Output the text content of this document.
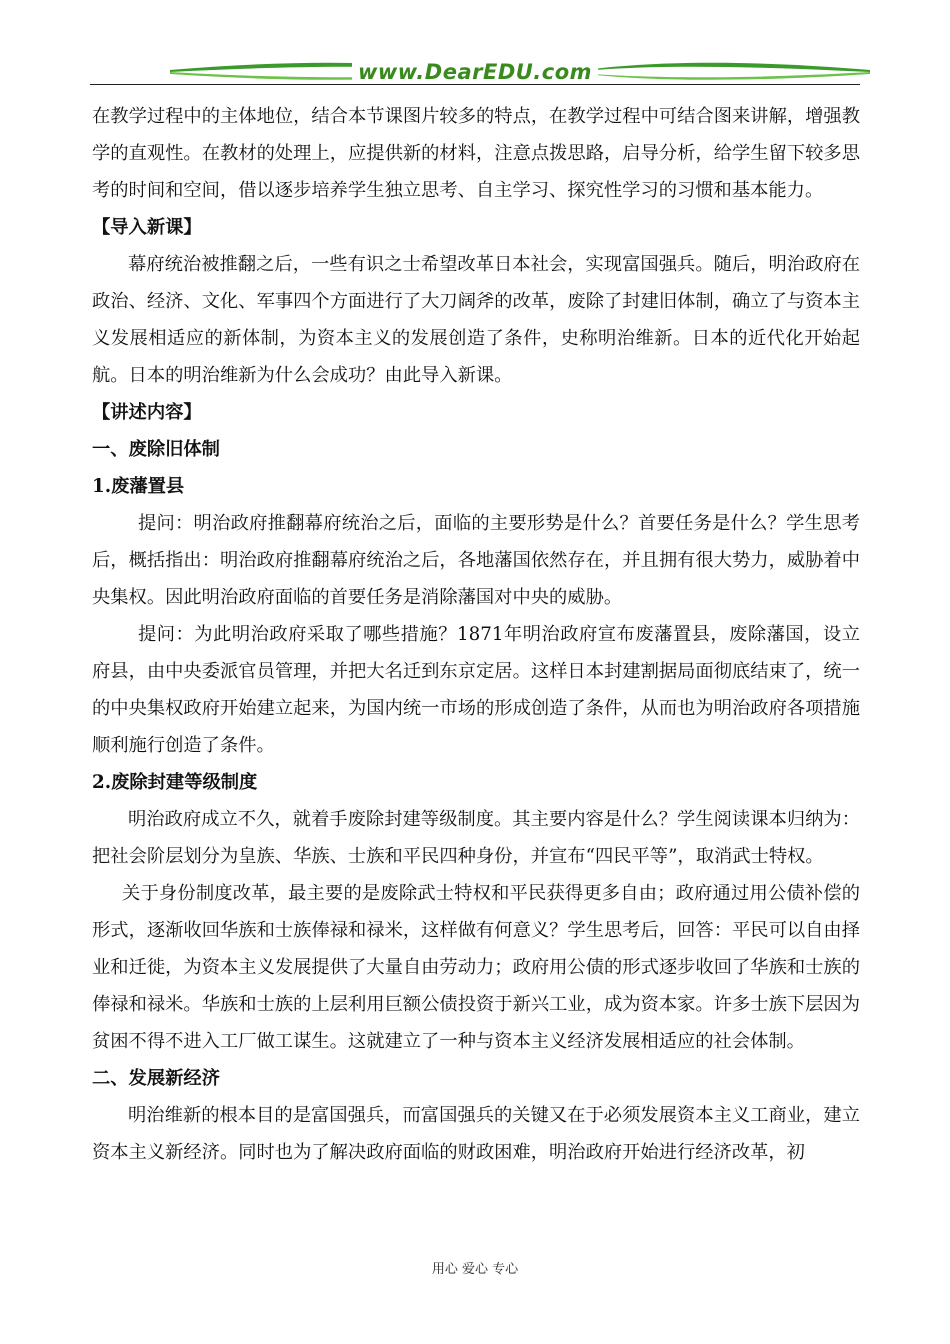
www.DearEDU.com

在教学过程中的主体地位，结合本节课图片较多的特点，在教学过程中可结合图来讲解，增强教学的直观性。在教材的处理上，应提供新的材料，注意点拨思路，启导分析，给学生留下较多思考的时间和空间，借以逐步培养学生独立思考、自主学习、探究性学习的习惯和基本能力。

【导入新课】

幕府统治被推翻之后，一些有识之士希望改革日本社会，实现富国强兵。随后，明治政府在政治、经济、文化、军事四个方面进行了大刀阔斧的改革，废除了封建旧体制，确立了与资本主义发展相适应的新体制，为资本主义的发展创造了条件，史称明治维新。日本的近代化开始起航。日本的明治维新为什么会成功？由此导入新课。

【讲述内容】

一、废除旧体制

1.废藩置县

提问：明治政府推翻幕府统治之后，面临的主要形势是什么？首要任务是什么？学生思考后，概括指出：明治政府推翻幕府统治之后，各地藩国依然存在，并且拥有很大势力，威胁着中央集权。因此明治政府面临的首要任务是消除藩国对中央的威胁。

提问：为此明治政府采取了哪些措施？1871年明治政府宣布废藩置县，废除藩国，设立府县，由中央委派官员管理，并把大名迁到东京定居。这样日本封建割据局面彻底结束了，统一的中央集权政府开始建立起来，为国内统一市场的形成创造了条件，从而也为明治政府各项措施顺利施行创造了条件。

2.废除封建等级制度

明治政府成立不久，就着手废除封建等级制度。其主要内容是什么？学生阅读课本归纳为：把社会阶层划分为皇族、华族、士族和平民四种身份，并宣布“四民平等”，取消武士特权。

关于身份制度改革，最主要的是废除武士特权和平民获得更多自由；政府通过用公债补偿的形式，逐渐收回华族和士族俸禄和禄米，这样做有何意义？学生思考后，回答：平民可以自由择业和迁徙，为资本主义发展提供了大量自由劳动力；政府用公债的形式逐步收回了华族和士族的俸禄和禄米。华族和士族的上层利用巨额公债投资于新兴工业，成为资本家。许多士族下层因为贫困不得不进入工厂做工谋生。这就建立了一种与资本主义经济发展相适应的社会体制。

二、发展新经济

明治维新的根本目的是富国强兵，而富国强兵的关键又在于必须发展资本主义工商业，建立资本主义新经济。同时也为了解决政府面临的财政困难，明治政府开始进行经济改革，初

用心 爱心 专心
